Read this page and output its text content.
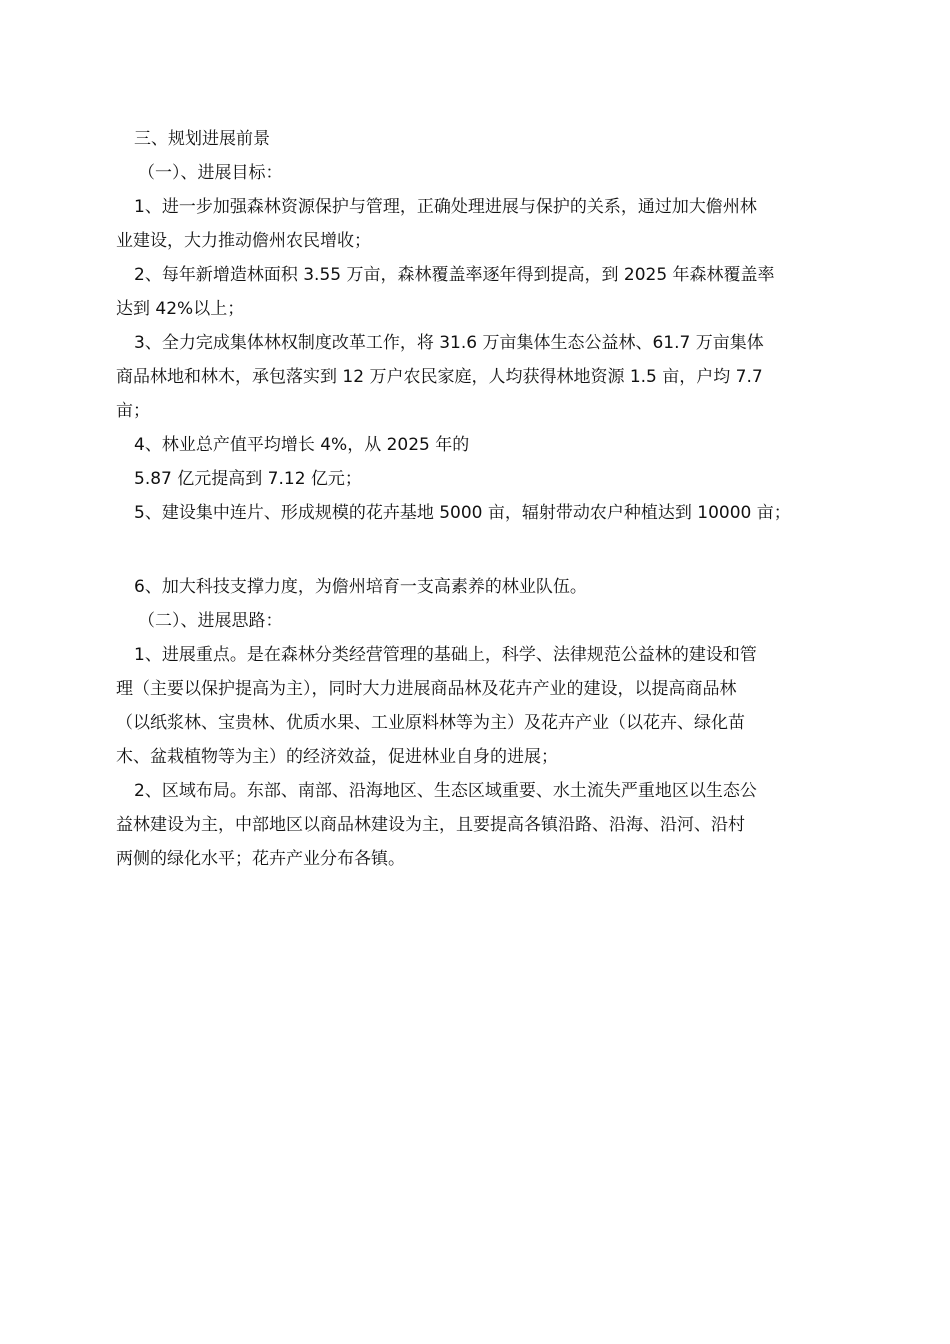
三、规划进展前景

（一）、进展目标：

1、进一步加强森林资源保护与管理，正确处理进展与保护的关系，通过加大儋州林

业建设，大力推动儋州农民增收；

2、每年新增造林面积 3.55 万亩，森林覆盖率逐年得到提高，到 2025 年森林覆盖率

达到 42%以上；

3、全力完成集体林权制度改革工作，将 31.6 万亩集体生态公益林、61.7 万亩集体

商品林地和林木，承包落实到 12 万户农民家庭，人均获得林地资源 1.5 亩，户均 7.7

亩；

4、林业总产值平均增长 4%，从 2025 年的

5.87 亿元提高到 7.12 亿元；

5、建设集中连片、形成规模的花卉基地 5000 亩，辐射带动农户种植达到 10000 亩；

6、加大科技支撑力度，为儋州培育一支高素养的林业队伍。

（二）、进展思路：

1、进展重点。是在森林分类经营管理的基础上，科学、法律规范公益林的建设和管

理（主要以保护提高为主），同时大力进展商品林及花卉产业的建设，以提高商品林

（以纸浆林、宝贵林、优质水果、工业原料林等为主）及花卉产业（以花卉、绿化苗

木、盆栽植物等为主）的经济效益，促进林业自身的进展；

2、区域布局。东部、南部、沿海地区、生态区域重要、水土流失严重地区以生态公

益林建设为主，中部地区以商品林建设为主，且要提高各镇沿路、沿海、沿河、沿村

两侧的绿化水平；花卉产业分布各镇。
